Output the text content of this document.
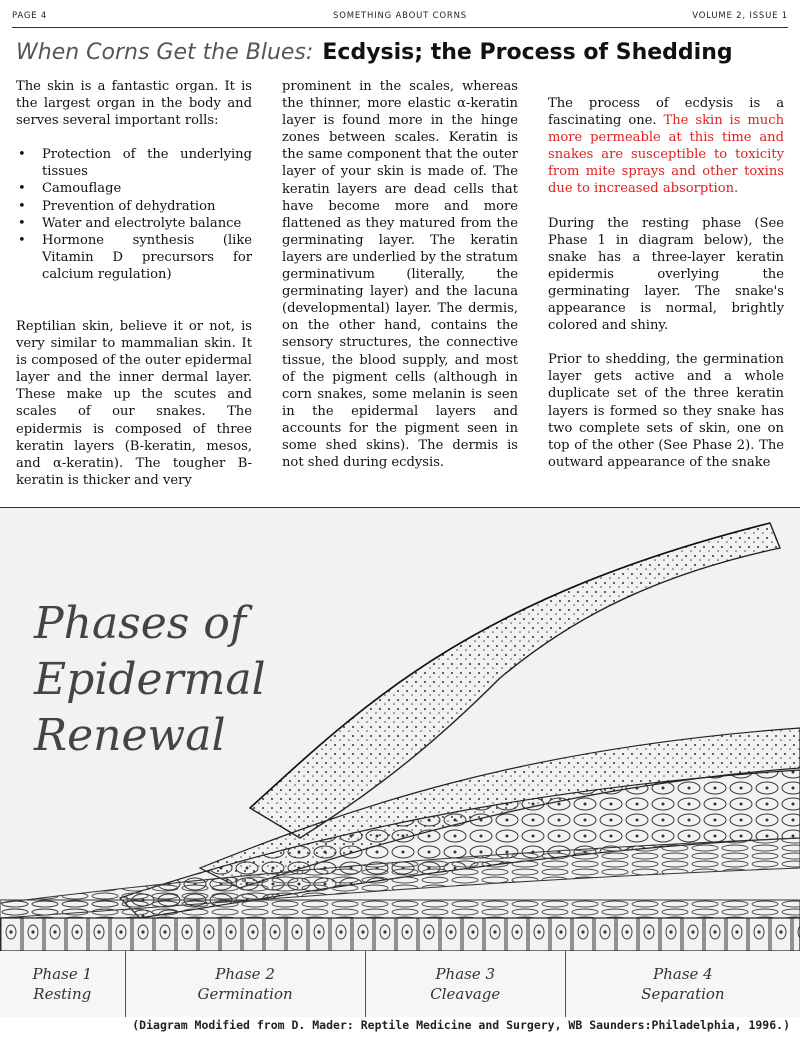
PAGE 4	SOMETHING ABOUT CORNS	VOLUME 2, ISSUE 1
When Corns Get the Blues: Ecdysis; the Process of Shedding

The skin is a fantastic organ. It is the largest organ in the body and serves several important rolls:

• Protection of the underlying tissues
• Camouflage
• Prevention of dehydration
• Water and electrolyte balance
• Hormone synthesis (like Vitamin D precursors for calcium regulation)

Reptilian skin, believe it or not, is very similar to mammalian skin. It is composed of the outer epidermal layer and the inner dermal layer. These make up the scutes and scales of our snakes. The epidermis is composed of three keratin layers (B-keratin, mesos, and α-keratin). The tougher B-keratin is thicker and very

prominent in the scales, whereas the thinner, more elastic α-keratin layer is found more in the hinge zones between scales. Keratin is the same component that the outer layer of your skin is made of. The keratin layers are dead cells that have become more and more flattened as they matured from the germinating layer. The keratin layers are underlied by the stratum germinativum (literally, the germinating layer) and the lacuna (developmental) layer. The dermis, on the other hand, contains the sensory structures, the connective tissue, the blood supply, and most of the pigment cells (although in corn snakes, some melanin is seen in the epidermal layers and accounts for the pigment seen in some shed skins). The dermis is not shed during ecdysis.

The process of ecdysis is a fascinating one. The skin is much more permeable at this time and snakes are susceptible to toxicity from mite sprays and other toxins due to increased absorption.

During the resting phase (See Phase 1 in diagram below), the snake has a three-layer keratin epidermis overlying the germinating layer. The snake's appearance is normal, brightly colored and shiny.

Prior to shedding, the germination layer gets active and a whole duplicate set of the three keratin layers is formed so they snake has two complete sets of skin, one on top of the other (See Phase 2). The outward appearance of the snake

Phases of
Epidermal
Renewal
Phase 1
Resting
Phase 2
Germination
Phase 3
Cleavage
Phase 4
Separation
(Diagram Modified from D. Mader: Reptile Medicine and Surgery, WB Saunders:Philadelphia, 1996.)
